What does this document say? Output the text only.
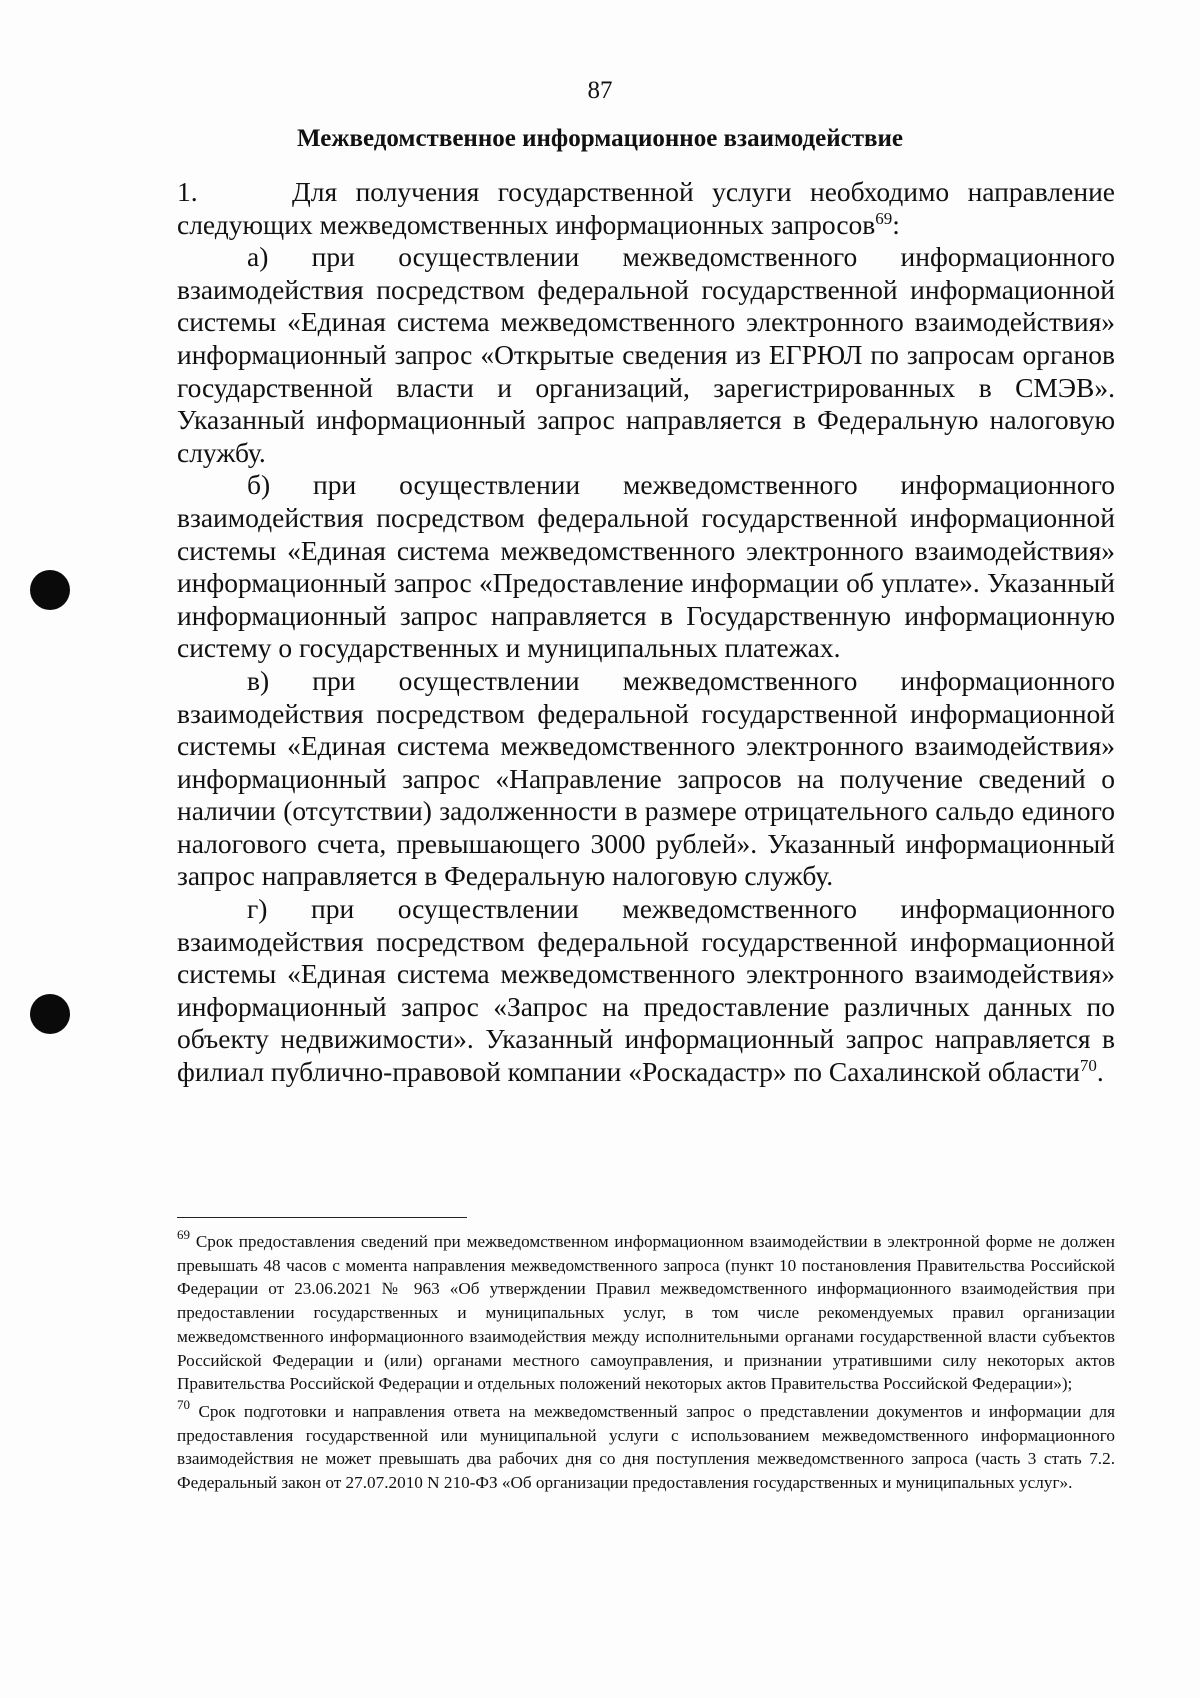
87
Межведомственное информационное взаимодействие

1.	Для получения государственной услуги необходимо направление следующих межведомственных информационных запросов$^{69}$:

а) при осуществлении межведомственного информационного взаимодействия посредством федеральной государственной информационной системы «Единая система межведомственного электронного взаимодействия» информационный запрос «Открытые сведения из ЕГРЮЛ по запросам органов государственной власти и организаций, зарегистрированных в СМЭВ». Указанный информационный запрос направляется в Федеральную налоговую службу.

б) при осуществлении межведомственного информационного взаимодействия посредством федеральной государственной информационной системы «Единая система межведомственного электронного взаимодействия» информационный запрос «Предоставление информации об уплате». Указанный информационный запрос направляется в Государственную информационную систему о государственных и муниципальных платежах.

в) при осуществлении межведомственного информационного взаимодействия посредством федеральной государственной информационной системы «Единая система межведомственного электронного взаимодействия» информационный запрос «Направление запросов на получение сведений о наличии (отсутствии) задолженности в размере отрицательного сальдо единого налогового счета, превышающего 3000 рублей». Указанный информационный запрос направляется в Федеральную налоговую службу.

г) при осуществлении межведомственного информационного взаимодействия посредством федеральной государственной информационной системы «Единая система межведомственного электронного взаимодействия» информационный запрос «Запрос на предоставление различных данных по объекту недвижимости». Указанный информационный запрос направляется в филиал публично-правовой компании «Роскадастр» по Сахалинской области$^{70}$.

$^{69}$ Срок предоставления сведений при межведомственном информационном взаимодействии в электронной форме не должен превышать 48 часов с момента направления межведомственного запроса (пункт 10 постановления Правительства Российской Федерации от 23.06.2021 № 963 «Об утверждении Правил межведомственного информационного взаимодействия при предоставлении государственных и муниципальных услуг, в том числе рекомендуемых правил организации межведомственного информационного взаимодействия между исполнительными органами государственной власти субъектов Российской Федерации и (или) органами местного самоуправления, и признании утратившими силу некоторых актов Правительства Российской Федерации и отдельных положений некоторых актов Правительства Российской Федерации»);

$^{70}$ Срок подготовки и направления ответа на межведомственный запрос о представлении документов и информации для предоставления государственной или муниципальной услуги с использованием межведомственного информационного взаимодействия не может превышать два рабочих дня со дня поступления межведомственного запроса (часть 3 стать 7.2. Федеральный закон от 27.07.2010 N 210-ФЗ «Об организации предоставления государственных и муниципальных услуг».
